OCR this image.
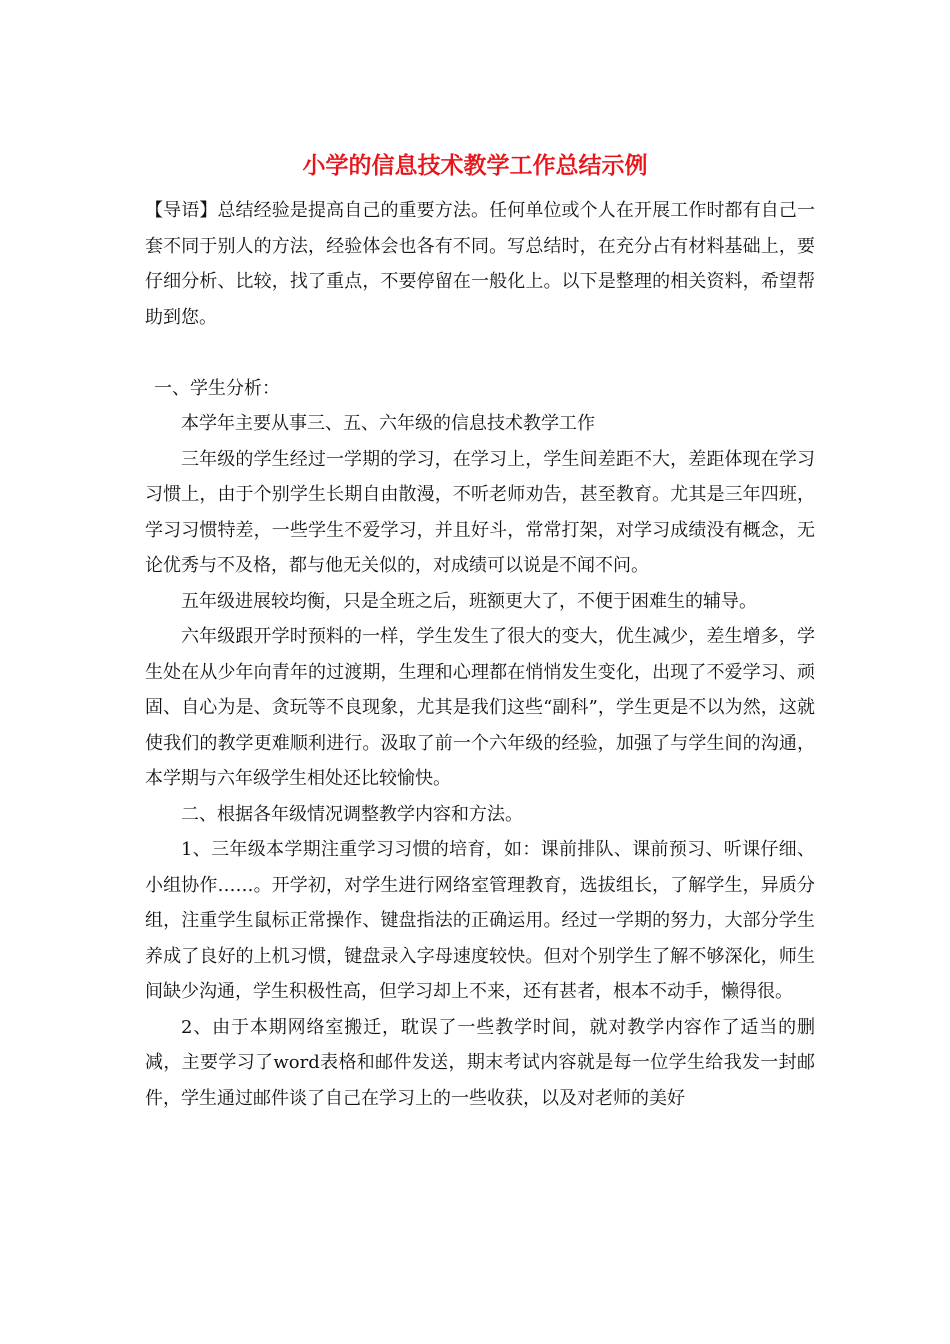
小学的信息技术教学工作总结示例

【导语】总结经验是提高自己的重要方法。任何单位或个人在开展工作时都有自己一套不同于别人的方法，经验体会也各有不同。写总结时，在充分占有材料基础上，要仔细分析、比较，找了重点，不要停留在一般化上。以下是整理的相关资料，希望帮助到您。

一、学生分析：

本学年主要从事三、五、六年级的信息技术教学工作

三年级的学生经过一学期的学习，在学习上，学生间差距不大，差距体现在学习习惯上，由于个别学生长期自由散漫，不听老师劝告，甚至教育。尤其是三年四班，学习习惯特差，一些学生不爱学习，并且好斗，常常打架，对学习成绩没有概念，无论优秀与不及格，都与他无关似的，对成绩可以说是不闻不问。

五年级进展较均衡，只是全班之后，班额更大了，不便于困难生的辅导。

六年级跟开学时预料的一样，学生发生了很大的变大，优生减少，差生增多，学生处在从少年向青年的过渡期，生理和心理都在悄悄发生变化，出现了不爱学习、顽固、自心为是、贪玩等不良现象，尤其是我们这些“副科”，学生更是不以为然，这就使我们的教学更难顺利进行。汲取了前一个六年级的经验，加强了与学生间的沟通，本学期与六年级学生相处还比较愉快。

二、根据各年级情况调整教学内容和方法。

1、三年级本学期注重学习习惯的培育，如：课前排队、课前预习、听课仔细、小组协作……。开学初，对学生进行网络室管理教育，选拔组长，了解学生，异质分组，注重学生鼠标正常操作、键盘指法的正确运用。经过一学期的努力，大部分学生养成了良好的上机习惯，键盘录入字母速度较快。但对个别学生了解不够深化，师生间缺少沟通，学生积极性高，但学习却上不来，还有甚者，根本不动手，懒得很。

2、由于本期网络室搬迁，耽误了一些教学时间，就对教学内容作了适当的删减，主要学习了word表格和邮件发送，期末考试内容就是每一位学生给我发一封邮件，学生通过邮件谈了自己在学习上的一些收获，以及对老师的美好
